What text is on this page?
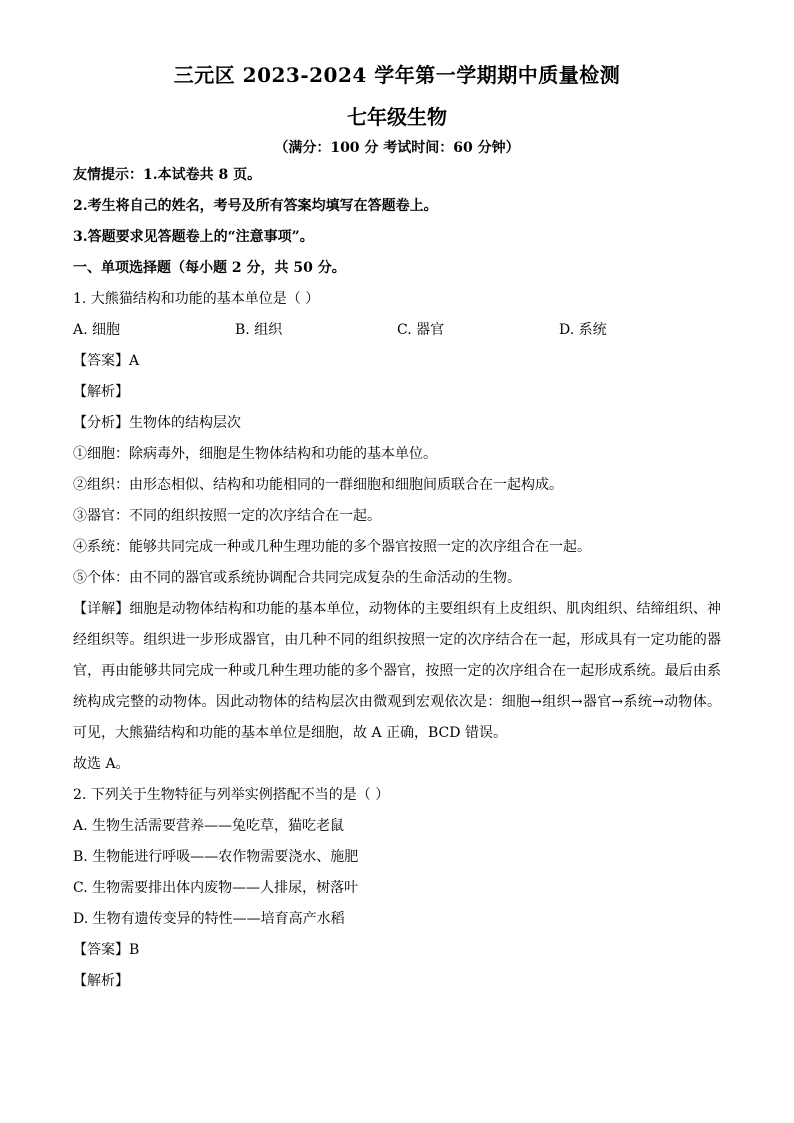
三元区 2023-2024 学年第一学期期中质量检测
七年级生物

（满分：100 分 考试时间：60 分钟）

友情提示：1.本试卷共 8 页。

2.考生将自己的姓名，考号及所有答案均填写在答题卷上。

3.答题要求见答题卷上的“注意事项”。

一、单项选择题（每小题 2 分，共 50 分。

1. 大熊猫结构和功能的基本单位是（ ）

A. 细胞	B. 组织	C. 器官	D. 系统

【答案】A

【解析】

【分析】生物体的结构层次

①细胞：除病毒外，细胞是生物体结构和功能的基本单位。

②组织：由形态相似、结构和功能相同的一群细胞和细胞间质联合在一起构成。

③器官：不同的组织按照一定的次序结合在一起。

④系统：能够共同完成一种或几种生理功能的多个器官按照一定的次序组合在一起。

⑤个体：由不同的器官或系统协调配合共同完成复杂的生命活动的生物。

【详解】细胞是动物体结构和功能的基本单位，动物体的主要组织有上皮组织、肌肉组织、结缔组织、神经组织等。组织进一步形成器官，由几种不同的组织按照一定的次序结合在一起，形成具有一定功能的器官，再由能够共同完成一种或几种生理功能的多个器官，按照一定的次序组合在一起形成系统。最后由系统构成完整的动物体。因此动物体的结构层次由微观到宏观依次是：细胞→组织→器官→系统→动物体。可见，大熊猫结构和功能的基本单位是细胞，故 A 正确，BCD 错误。

故选 A。

2. 下列关于生物特征与列举实例搭配不当的是（ ）

A. 生物生活需要营养——兔吃草，猫吃老鼠

B. 生物能进行呼吸——农作物需要浇水、施肥

C. 生物需要排出体内废物——人排尿，树落叶

D. 生物有遗传变异的特性——培育高产水稻

【答案】B

【解析】
